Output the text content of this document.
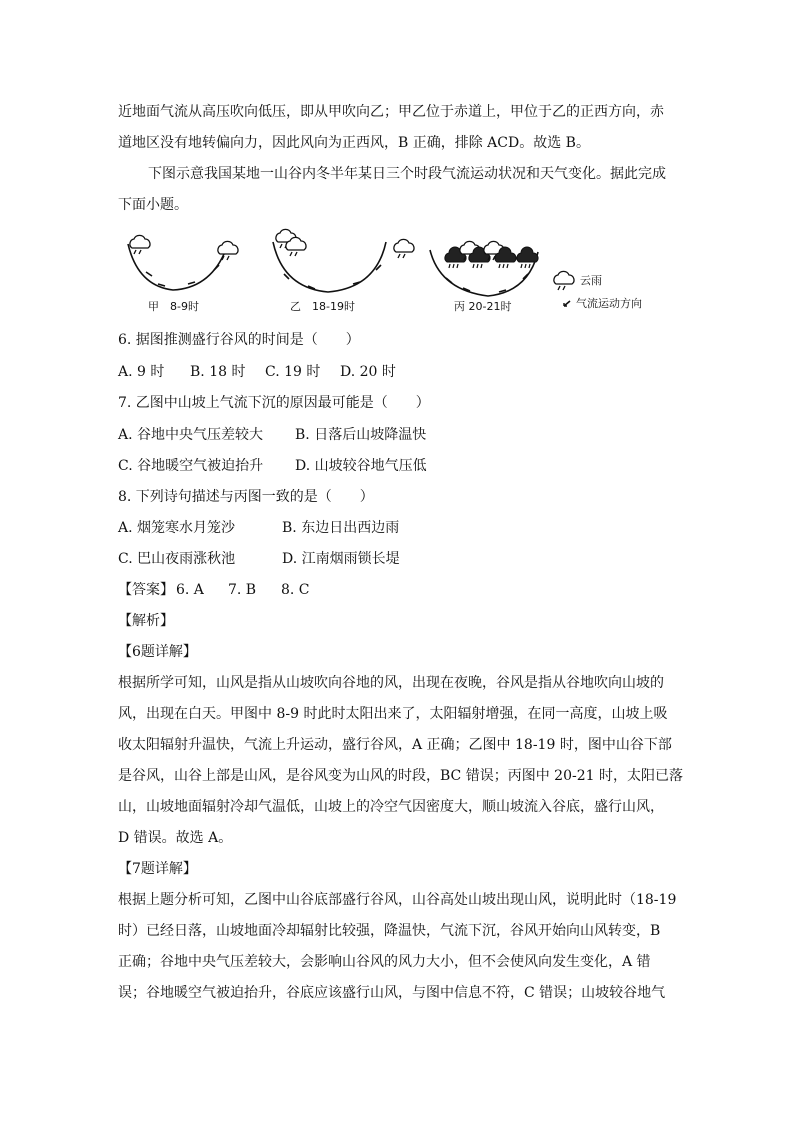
近地面气流从高压吹向低压，即从甲吹向乙；甲乙位于赤道上，甲位于乙的正西方向，赤
道地区没有地转偏向力，因此风向为正西风，B 正确，排除 ACD。故选 B。
下图示意我国某地一山谷内冬半年某日三个时段气流运动状况和天气变化。据此完成
下面小题。
甲　8-9时	乙　18-19时	丙 20-21时
云雨
气流运动方向
6. 据图推测盛行谷风的时间是（　　）
A. 9 时 B. 18 时 C. 19 时 D. 20 时
7. 乙图中山坡上气流下沉的原因最可能是（　　）
A. 谷地中央气压差较大 B. 日落后山坡降温快
C. 谷地暖空气被迫抬升 D. 山坡较谷地气压低
8. 下列诗句描述与丙图一致的是（　　）
A. 烟笼寒水月笼沙	B. 东边日出西边雨
C. 巴山夜雨涨秋池	D. 江南烟雨锁长堤
【答案】 6. A 7. B 8. C
【解析】
【6题详解】
根据所学可知，山风是指从山坡吹向谷地的风，出现在夜晚，谷风是指从谷地吹向山坡的
风，出现在白天。甲图中 8-9 时此时太阳出来了，太阳辐射增强，在同一高度，山坡上吸
收太阳辐射升温快，气流上升运动，盛行谷风，A 正确；乙图中 18-19 时，图中山谷下部
是谷风，山谷上部是山风，是谷风变为山风的时段，BC 错误；丙图中 20-21 时，太阳已落
山，山坡地面辐射冷却气温低，山坡上的冷空气因密度大，顺山坡流入谷底，盛行山风，
D 错误。故选 A。
【7题详解】
根据上题分析可知，乙图中山谷底部盛行谷风，山谷高处山坡出现山风，说明此时（18-19
时）已经日落，山坡地面冷却辐射比较强，降温快，气流下沉，谷风开始向山风转变，B
正确；谷地中央气压差较大，会影响山谷风的风力大小，但不会使风向发生变化，A 错
误；谷地暖空气被迫抬升，谷底应该盛行山风，与图中信息不符，C 错误；山坡较谷地气
